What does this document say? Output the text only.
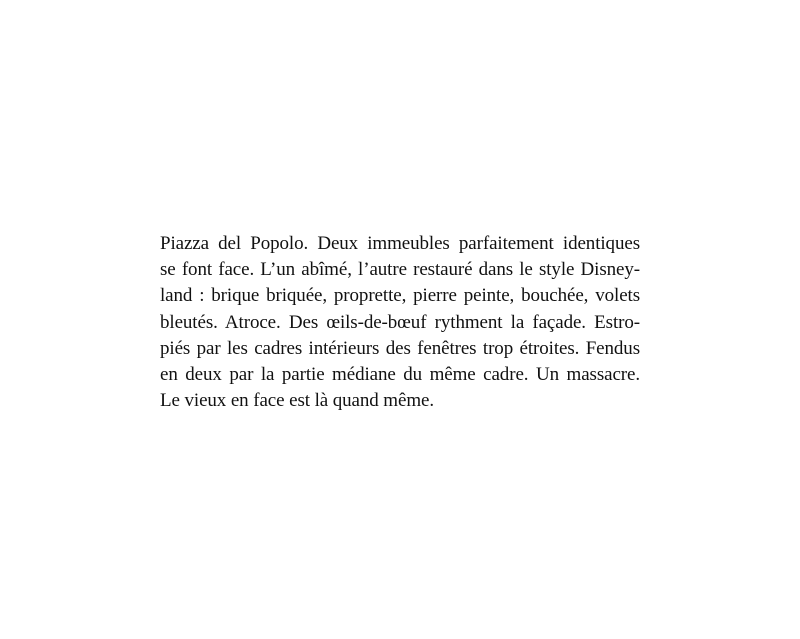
Piazza del Popolo. Deux immeubles parfaitement identiques
se font face. L’un abîmé, l’autre restauré dans le style Disney-
land : brique briquée, proprette, pierre peinte, bouchée, volets
bleutés. Atroce. Des œils-de-bœuf rythment la façade. Estro-
piés par les cadres intérieurs des fenêtres trop étroites. Fendus
en deux par la partie médiane du même cadre. Un massacre.
Le vieux en face est là quand même.
